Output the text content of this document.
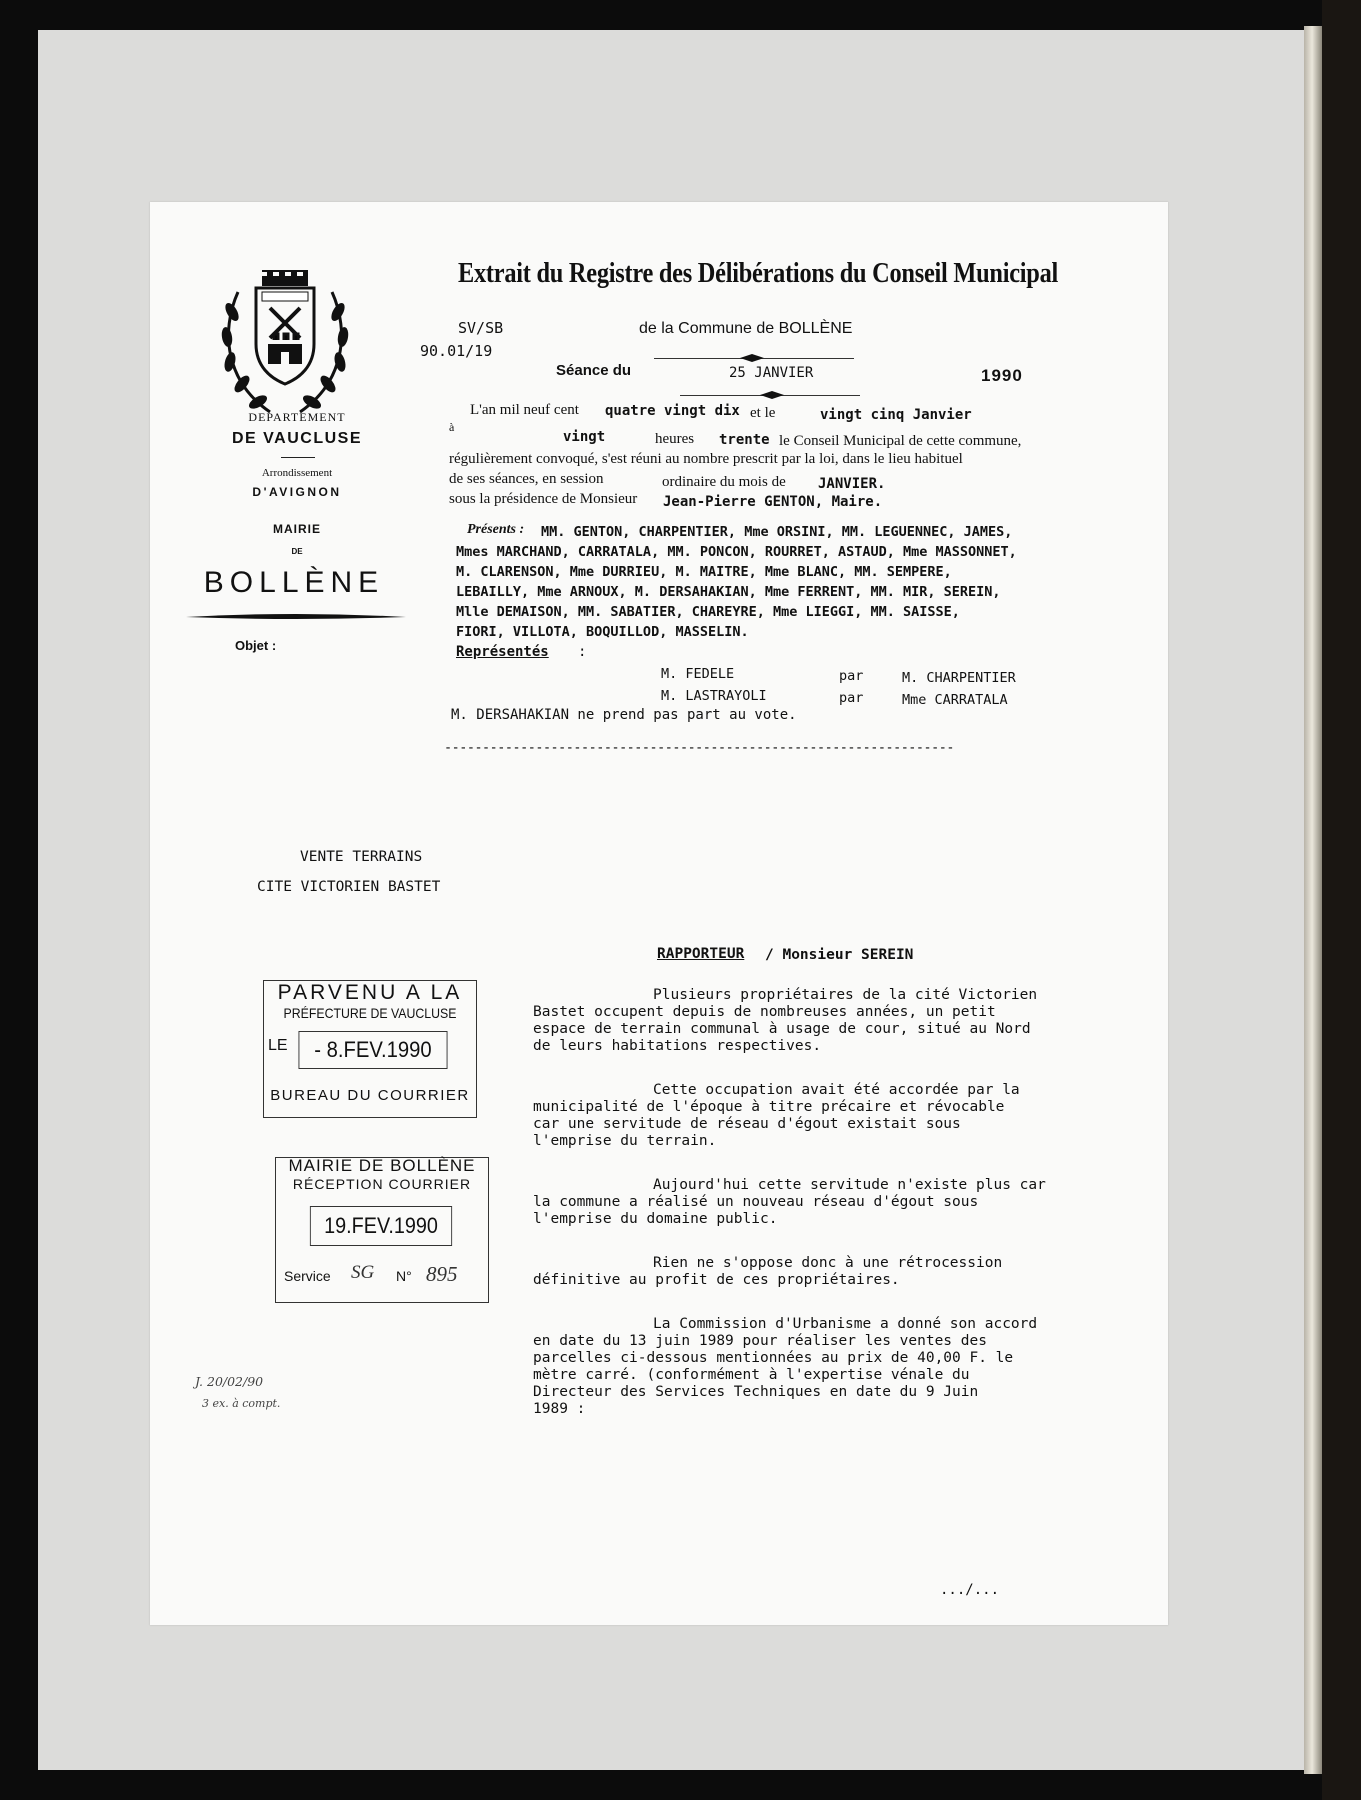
DEPARTEMENT
DE VAUCLUSE
Arrondissement
D'AVIGNON
MAIRIE
DE
BOLLÈNE
Objet :
Extrait du Registre des Délibérations du Conseil Municipal
SV/SB
90.01/19
de la Commune de BOLLÈNE
Séance du	25 JANVIER	1990
L'an mil neuf cent quatre vingt dix et le	vingt cinq Janvier
à
vingt	heures trente le Conseil Municipal de cette commune,
régulièrement convoqué, s'est réuni au nombre prescrit par la loi, dans le lieu habituel
de ses séances, en session	ordinaire du mois de JANVIER.
sous la présidence de Monsieur Jean-Pierre GENTON, Maire.
Présents : MM. GENTON, CHARPENTIER, Mme ORSINI, MM. LEGUENNEC, JAMES,
Mmes MARCHAND, CARRATALA, MM. PONCON, ROURRET, ASTAUD, Mme MASSONNET,
M. CLARENSON, Mme DURRIEU, M. MAITRE, Mme BLANC, MM. SEMPERE,
LEBAILLY, Mme ARNOUX, M. DERSAHAKIAN, Mme FERRENT, MM. MIR, SEREIN,
Mlle DEMAISON, MM. SABATIER, CHAREYRE, Mme LIEGGI, MM. SAISSE,
FIORI, VILLOTA, BOQUILLOD, MASSELIN.
Représentés :
M. FEDELE	par	M. CHARPENTIER
M. LASTRAYOLI	par	Mme CARRATALA
M. DERSAHAKIAN ne prend pas part au vote.
-------------------------------------------------------------------
VENTE TERRAINS
CITE VICTORIEN BASTET
RAPPORTEUR / Monsieur SEREIN
Plusieurs propriétaires de la cité Victorien
Bastet occupent depuis de nombreuses années, un petit
espace de terrain communal à usage de cour, situé au Nord
de leurs habitations respectives.
Cette occupation avait été accordée par la
municipalité de l'époque à titre précaire et révocable
car une servitude de réseau d'égout existait sous
l'emprise du terrain.
Aujourd'hui cette servitude n'existe plus car
la commune a réalisé un nouveau réseau d'égout sous
l'emprise du domaine public.
Rien ne s'oppose donc à une rétrocession
définitive au profit de ces propriétaires.
La Commission d'Urbanisme a donné son accord
en date du 13 juin 1989 pour réaliser les ventes des
parcelles ci-dessous mentionnées au prix de 40,00 F. le
mètre carré. (conformément à l'expertise vénale du
Directeur des Services Techniques en date du 9 Juin
1989 :
.../...
PARVENU A LA
PRÉFECTURE DE VAUCLUSE
LE	- 8.FEV.1990
BUREAU DU COURRIER
MAIRIE DE BOLLÈNE
RÉCEPTION COURRIER
19.FEV.1990
Service SG N° 895
J. 20/02/90
3 ex. à compt.
